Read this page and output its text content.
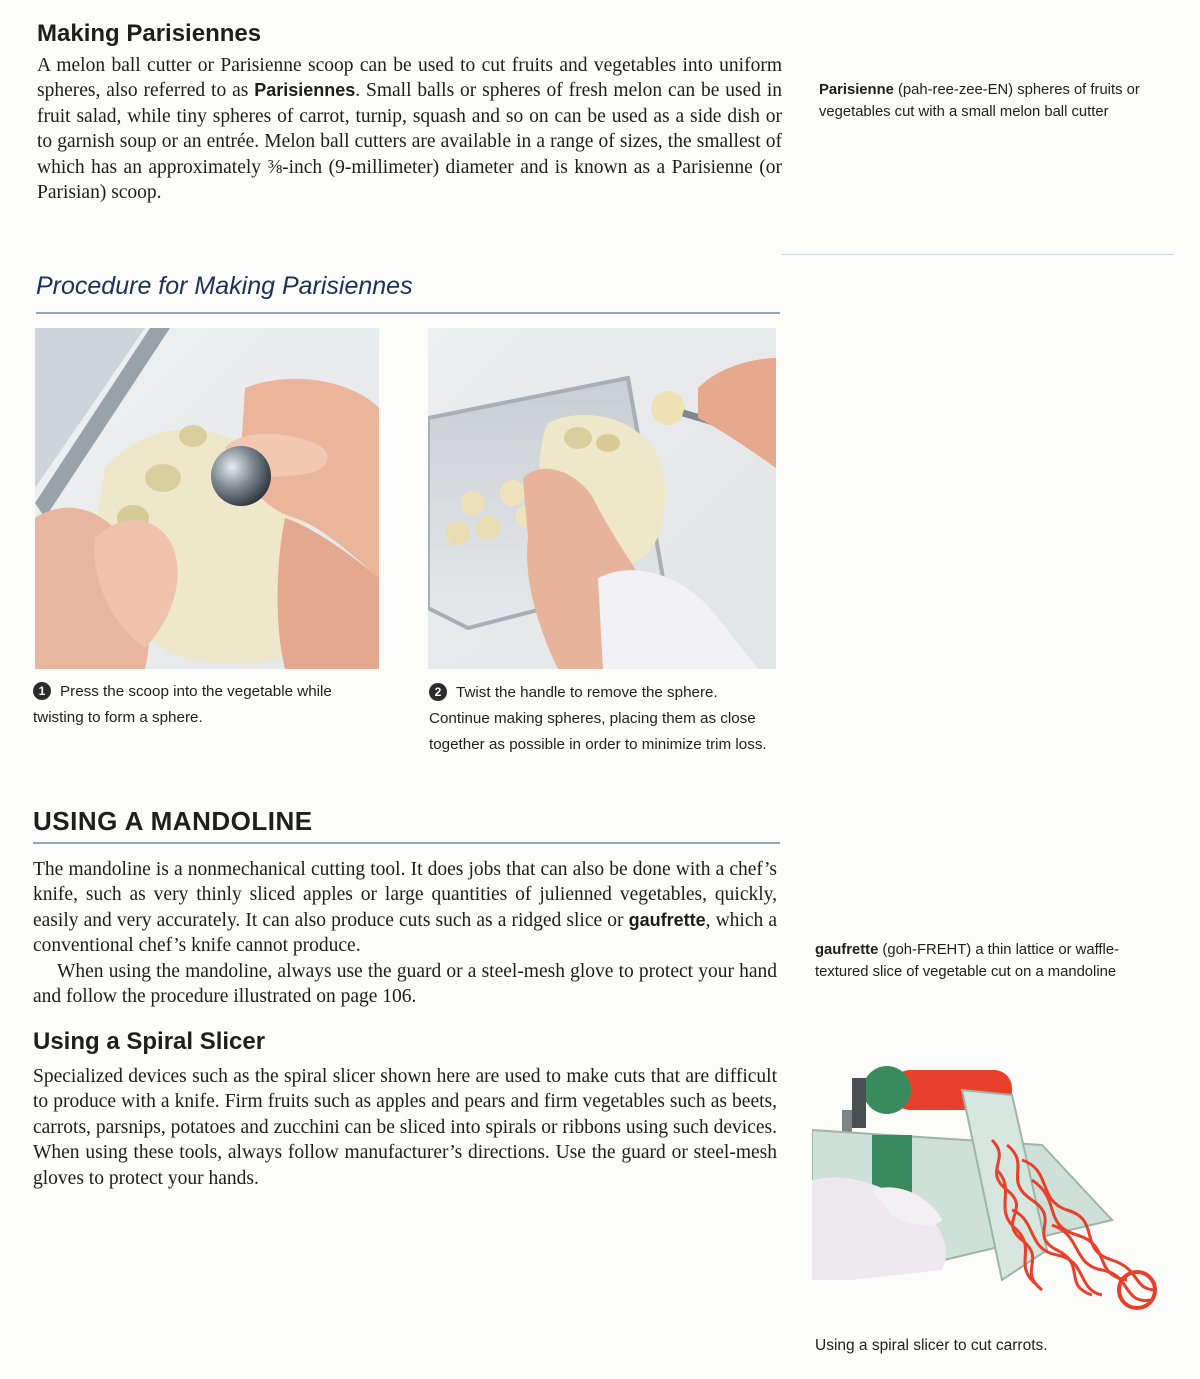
Making Parisiennes

A melon ball cutter or Parisienne scoop can be used to cut fruits and vegetables into uniform spheres, also referred to as Parisiennes. Small balls or spheres of fresh melon can be used in fruit salad, while tiny spheres of carrot, turnip, squash and so on can be used as a side dish or to garnish soup or an entrée. Melon ball cutters are available in a range of sizes, the smallest of which has an approximately ⅜-inch (9-millimeter) diameter and is known as a Parisienne (or Parisian) scoop.

Parisienne (pah-ree-zee-EN) spheres of fruits or vegetables cut with a small melon ball cutter
Procedure for Making Parisiennes
1 Press the scoop into the vegetable while twisting to form a sphere.
2 Twist the handle to remove the sphere. Continue making spheres, placing them as close together as possible in order to minimize trim loss.
USING A MANDOLINE

The mandoline is a nonmechanical cutting tool. It does jobs that can also be done with a chef’s knife, such as very thinly sliced apples or large quantities of julienned vegetables, quickly, easily and very accurately. It can also produce cuts such as a ridged slice or gaufrette, which a conventional chef’s knife cannot produce.

When using the mandoline, always use the guard or a steel-mesh glove to protect your hand and follow the procedure illustrated on page 106.

gaufrette (goh-FREHT) a thin lattice or waffle-textured slice of vegetable cut on a mandoline
Using a Spiral Slicer

Specialized devices such as the spiral slicer shown here are used to make cuts that are difficult to produce with a knife. Firm fruits such as apples and pears and firm vegetables such as beets, carrots, parsnips, potatoes and zucchini can be sliced into spirals or ribbons using such devices. When using these tools, always follow manufacturer’s directions. Use the guard or steel-mesh gloves to protect your hands.

Using a spiral slicer to cut carrots.
